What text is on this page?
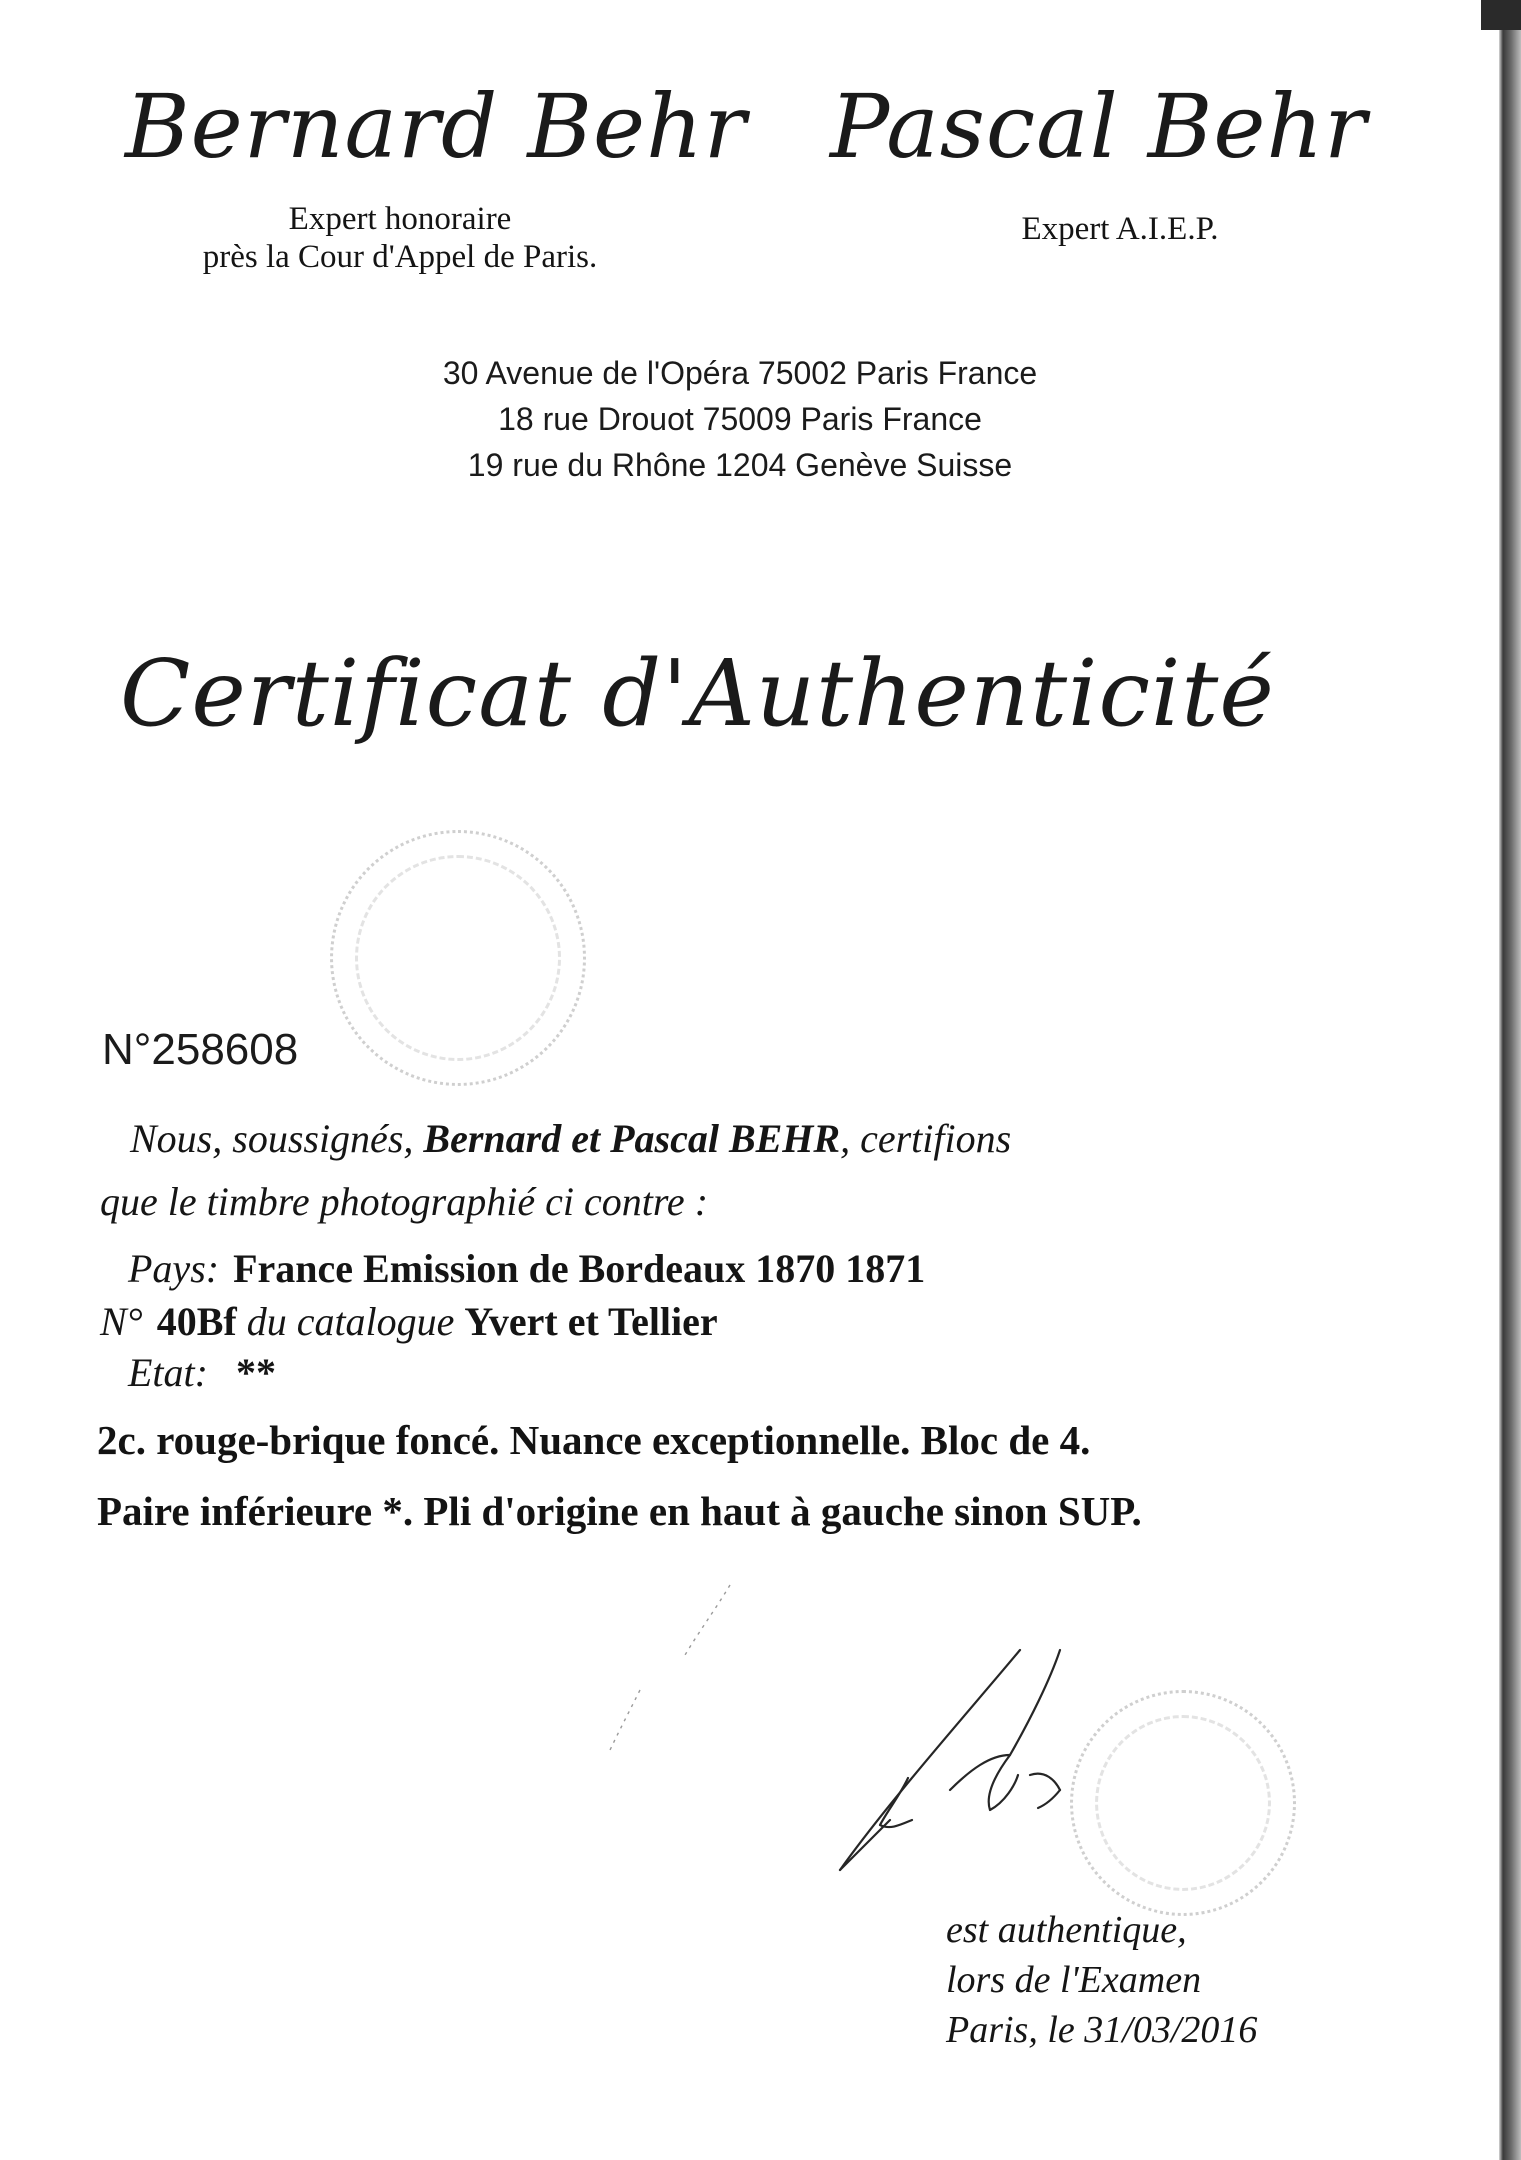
Bernard Behr Pascal Behr
Expert honoraire
près la Cour d'Appel de Paris.
Expert A.I.E.P.
30 Avenue de l'Opéra 75002 Paris France
18 rue Drouot 75009 Paris France
19 rue du Rhône 1204 Genève Suisse
Certificat d'Authenticité
N°258608
Nous, soussignés, Bernard et Pascal BEHR, certifions
que le timbre photographié ci contre :
Pays: France Emission de Bordeaux 1870 1871
N° 40Bf du catalogue Yvert et Tellier
Etat: **
2c. rouge-brique foncé. Nuance exceptionnelle. Bloc de 4.
Paire inférieure *. Pli d'origine en haut à gauche sinon SUP.
est authentique,
lors de l'Examen
Paris, le 31/03/2016
